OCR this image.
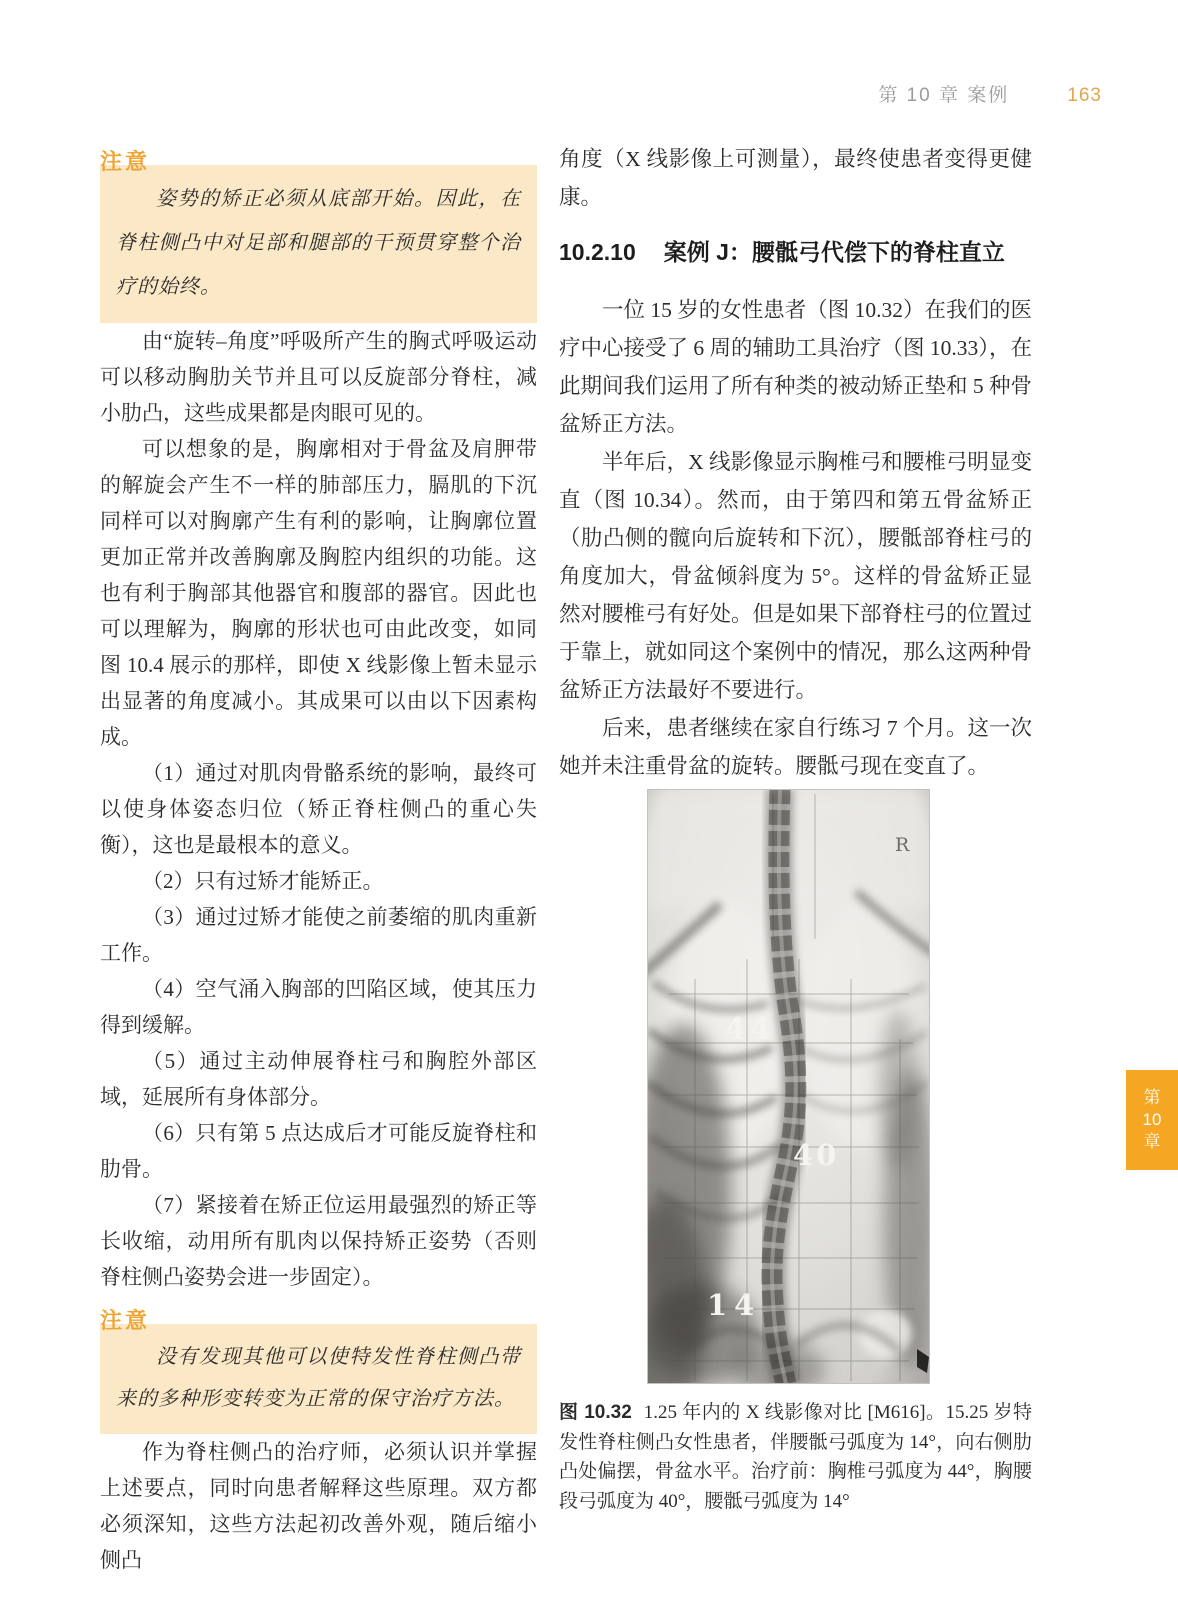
第 10 章 案例	163
注意

姿势的矫正必须从底部开始。因此，在脊柱侧凸中对足部和腿部的干预贯穿整个治疗的始终。

由“旋转–角度”呼吸所产生的胸式呼吸运动可以移动胸肋关节并且可以反旋部分脊柱，减小肋凸，这些成果都是肉眼可见的。

可以想象的是，胸廓相对于骨盆及肩胛带的解旋会产生不一样的肺部压力，膈肌的下沉同样可以对胸廓产生有利的影响，让胸廓位置更加正常并改善胸廓及胸腔内组织的功能。这也有利于胸部其他器官和腹部的器官。因此也可以理解为，胸廓的形状也可由此改变，如同图 10.4 展示的那样，即使 X 线影像上暂未显示出显著的角度减小。其成果可以由以下因素构成。

（1）通过对肌肉骨骼系统的影响，最终可以使身体姿态归位（矫正脊柱侧凸的重心失衡），这也是最根本的意义。

（2）只有过矫才能矫正。

（3）通过过矫才能使之前萎缩的肌肉重新工作。

（4）空气涌入胸部的凹陷区域，使其压力得到缓解。

（5）通过主动伸展脊柱弓和胸腔外部区域，延展所有身体部分。

（6）只有第 5 点达成后才可能反旋脊柱和肋骨。

（7）紧接着在矫正位运用最强烈的矫正等长收缩，动用所有肌肉以保持矫正姿势（否则脊柱侧凸姿势会进一步固定）。

注意

没有发现其他可以使特发性脊柱侧凸带来的多种形变转变为正常的保守治疗方法。

作为脊柱侧凸的治疗师，必须认识并掌握上述要点，同时向患者解释这些原理。双方都必须深知，这些方法起初改善外观，随后缩小侧凸

角度（X 线影像上可测量），最终使患者变得更健康。

10.2.10 案例 J：腰骶弓代偿下的脊柱直立

一位 15 岁的女性患者（图 10.32）在我们的医疗中心接受了 6 周的辅助工具治疗（图 10.33），在此期间我们运用了所有种类的被动矫正垫和 5 种骨盆矫正方法。

半年后，X 线影像显示胸椎弓和腰椎弓明显变直（图 10.34）。然而，由于第四和第五骨盆矫正（肋凸侧的髋向后旋转和下沉），腰骶部脊柱弓的角度加大，骨盆倾斜度为 5°。这样的骨盆矫正显然对腰椎弓有好处。但是如果下部脊柱弓的位置过于靠上，就如同这个案例中的情况，那么这两种骨盆矫正方法最好不要进行。

后来，患者继续在家自行练习 7 个月。这一次她并未注重骨盆的旋转。腰骶弓现在变直了。

44
40
14
R
图 10.32 1.25 年内的 X 线影像对比 [M616]。15.25 岁特发性脊柱侧凸女性患者，伴腰骶弓弧度为 14°，向右侧肋凸处偏摆，骨盆水平。治疗前：胸椎弓弧度为 44°，胸腰段弓弧度为 40°，腰骶弓弧度为 14°
第
10
章
